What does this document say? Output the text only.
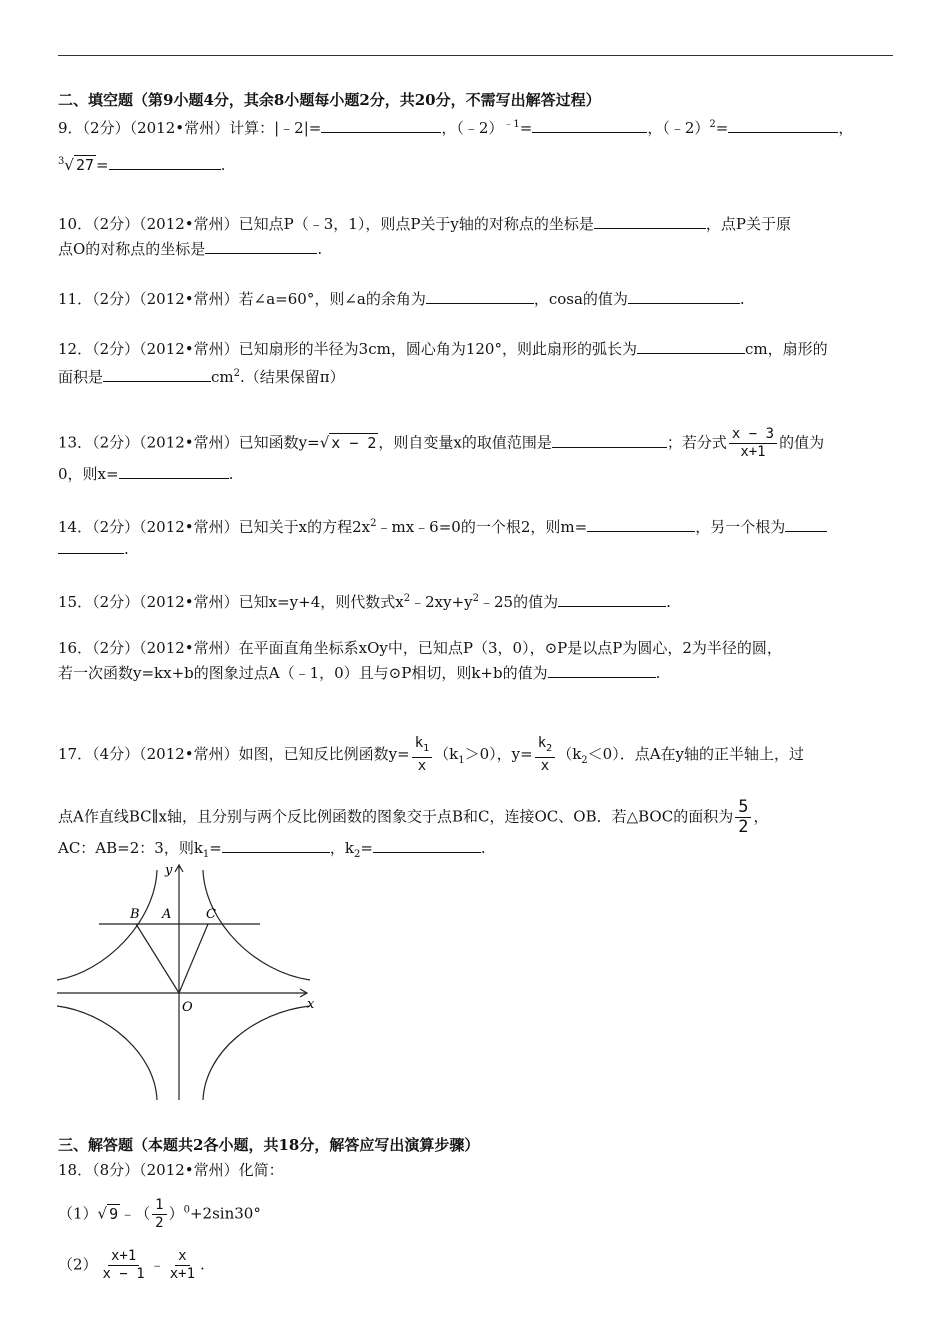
二、填空题（第9小题4分，其余8小题每小题2分，共20分，不需写出解答过程）
9．（2分）（2012•常州）计算：|﹣2|=	，（﹣2）$^{﹣1}$=	，（﹣2）$^2$=	，
$^3$√ 27 =	.
10．（2分）（2012•常州）已知点P（﹣3，1），则点P关于y轴的对称点的坐标是	，点P关于原
点O的对称点的坐标是	.
11．（2分）（2012•常州）若∠a=60°，则∠a的余角为	，cosa的值为	.
12．（2分）（2012•常州）已知扇形的半径为3cm，圆心角为120°，则此扇形的弧长为	cm，扇形的
面积是	$cm^2$.（结果保留π）
13．（2分）（2012•常州）已知函数y=√ x − 2 ，则自变量x的取值范围是	；若分式 $\frac{x - 3}{x+1}$ 的值为
0，则x=	.
14．（2分）（2012•常州）已知关于x的方程$2x^2﹣mx﹣6=0$的一个根2，则m=	，另一个根为
.
15．（2分）（2012•常州）已知x=y+4，则代数式$x^2﹣2xy+y^2﹣25$的值为	.
16．（2分）（2012•常州）在平面直角坐标系xOy中，已知点P（3，0），⊙P是以点P为圆心，2为半径的圆，
若一次函数y=kx+b的图象过点A（﹣1，0）且与⊙P相切，则k+b的值为	.
17．（4分）（2012•常州）如图，已知反比例函数$y= \frac{k_1}{x} (k_1>0)$，$y= \frac{k_2}{x} (k_2<0)$．点A在y轴的正半轴上，过
点A作直线BC∥x轴，且分别与两个反比例函数的图象交于点B和C，连接OC、OB．若△BOC的面积为 $\frac{5}{2}$ ，
AC：AB=2：3，则$k_1=$	，$k_2=$	.
y
x
O
A
B	C
三、解答题（本题共2各小题，共18分，解答应写出演算步骤）
18．（8分）（2012•常州）化简：
（1）√ 9 ﹣（ $\frac{1}{2} )^0+2\sin 30^\circ$
$(2) \frac{x+1}{x - 1}$ ﹣ $\frac{x}{x+1}$ .
